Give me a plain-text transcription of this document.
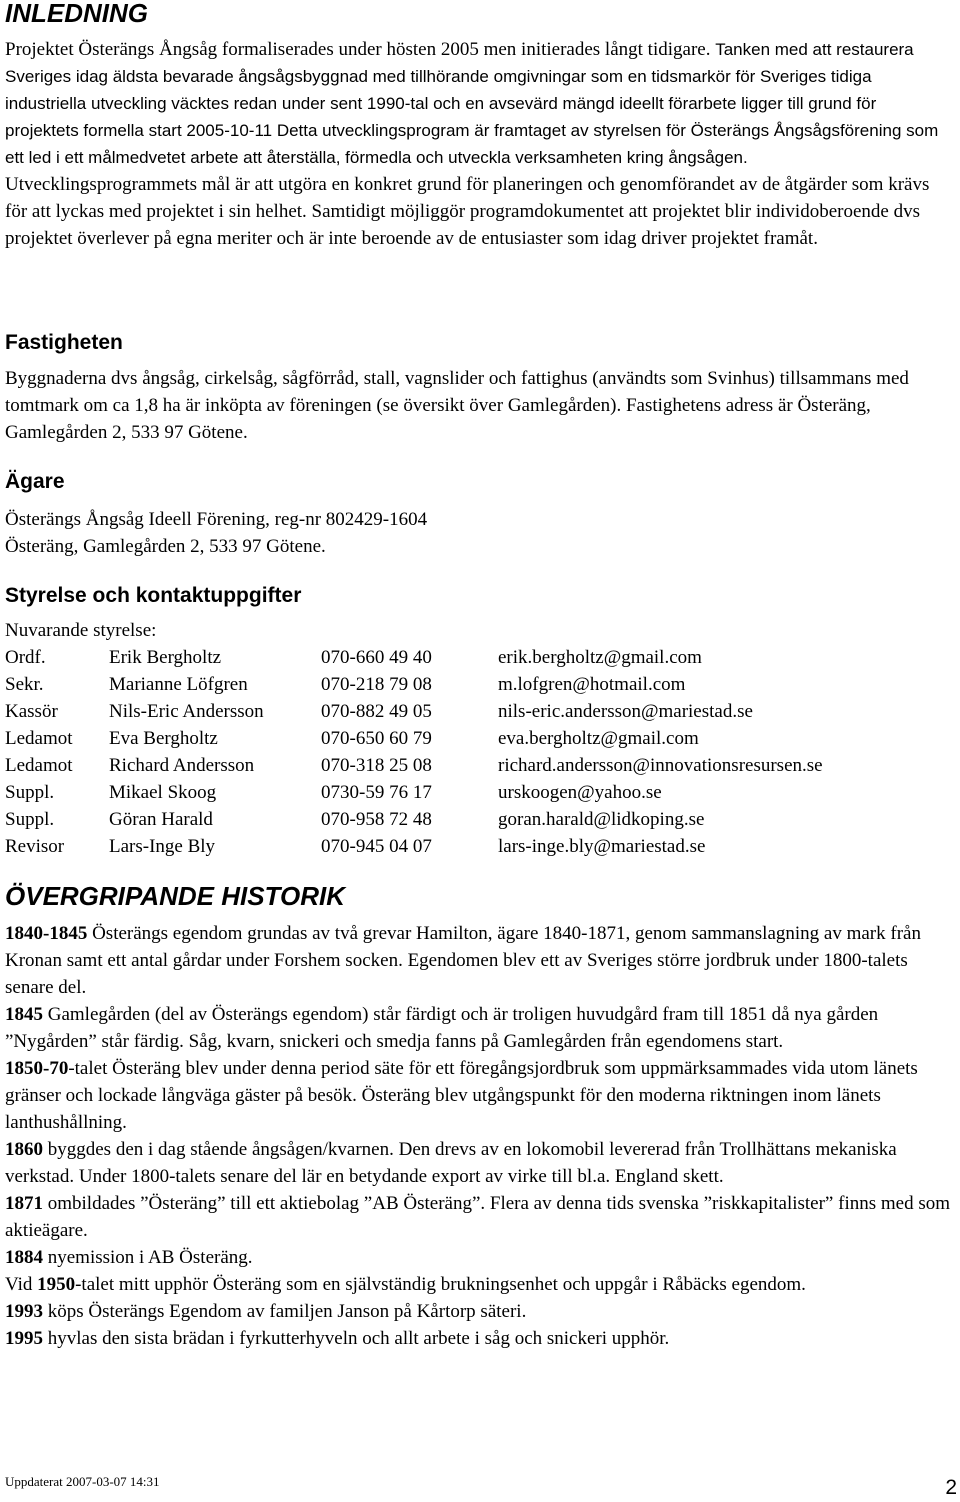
INLEDNING

Projektet Österängs Ångsåg formaliserades under hösten 2005 men initierades långt tidigare. Tanken med att restaurera Sveriges idag äldsta bevarade ångsågsbyggnad med tillhörande omgivningar som en tidsmarkör för Sveriges tidiga industriella utveckling väcktes redan under sent 1990-tal och en avsevärd mängd ideellt förarbete ligger till grund för projektets formella start 2005-10-11 Detta utvecklingsprogram är framtaget av styrelsen för Österängs Ångsågsförening som ett led i ett målmedvetet arbete att återställa, förmedla och utveckla verksamheten kring ångsågen.

Utvecklingsprogrammets mål är att utgöra en konkret grund för planeringen och genomförandet av de åtgärder som krävs för att lyckas med projektet i sin helhet. Samtidigt möjliggör programdokumentet att projektet blir individoberoende dvs projektet överlever på egna meriter och är inte beroende av de entusiaster som idag driver projektet framåt.

Fastigheten

Byggnaderna dvs ångsåg, cirkelsåg, sågförråd, stall, vagnslider och fattighus (användts som Svinhus) tillsammans med tomtmark om ca 1,8 ha är inköpta av föreningen (se översikt över Gamlegården). Fastighetens adress är Österäng, Gamlegården 2, 533 97 Götene.

Ägare

Österängs Ångsåg Ideell Förening, reg-nr 802429-1604

Österäng, Gamlegården 2, 533 97 Götene.

Styrelse och kontaktuppgifter

Nuvarande styrelse:

Ordf.	Erik Bergholtz	070-660 49 40	erik.bergholtz@gmail.com
Sekr.	Marianne Löfgren	070-218 79 08	m.lofgren@hotmail.com
Kassör	Nils-Eric Andersson	070-882 49 05	nils-eric.andersson@mariestad.se
Ledamot	Eva Bergholtz	070-650 60 79	eva.bergholtz@gmail.com
Ledamot	Richard Andersson	070-318 25 08	richard.andersson@innovationsresursen.se
Suppl.	Mikael Skoog	0730-59 76 17	urskoogen@yahoo.se
Suppl.	Göran Harald	070-958 72 48	goran.harald@lidkoping.se
Revisor	Lars-Inge Bly	070-945 04 07	lars-inge.bly@mariestad.se
ÖVERGRIPANDE HISTORIK

1840-1845 Österängs egendom grundas av två grevar Hamilton, ägare 1840-1871, genom sammanslagning av mark från Kronan samt ett antal gårdar under Forshem socken. Egendomen blev ett av Sveriges större jordbruk under 1800-talets senare del.

1845 Gamlegården (del av Österängs egendom) står färdigt och är troligen huvudgård fram till 1851 då nya gården ”Nygården” står färdig. Såg, kvarn, snickeri och smedja fanns på Gamlegården från egendomens start.

1850-70-talet Österäng blev under denna period säte för ett föregångsjordbruk som uppmärksammades vida utom länets gränser och lockade långväga gäster på besök. Österäng blev utgångspunkt för den moderna riktningen inom länets lanthushållning.

1860 byggdes den i dag stående ångsågen/kvarnen. Den drevs av en lokomobil levererad från Trollhättans mekaniska verkstad. Under 1800-talets senare del lär en betydande export av virke till bl.a. England skett.

1871 ombildades ”Österäng” till ett aktiebolag ”AB Österäng”. Flera av denna tids svenska ”riskkapitalister” finns med som aktieägare.

1884 nyemission i AB Österäng.

Vid 1950-talet mitt upphör Österäng som en självständig brukningsenhet och uppgår i Råbäcks egendom.

1993 köps Österängs Egendom av familjen Janson på Kårtorp säteri.

1995 hyvlas den sista brädan i fyrkutterhyveln och allt arbete i såg och snickeri upphör.

Uppdaterat 2007-03-07 14:31	2
